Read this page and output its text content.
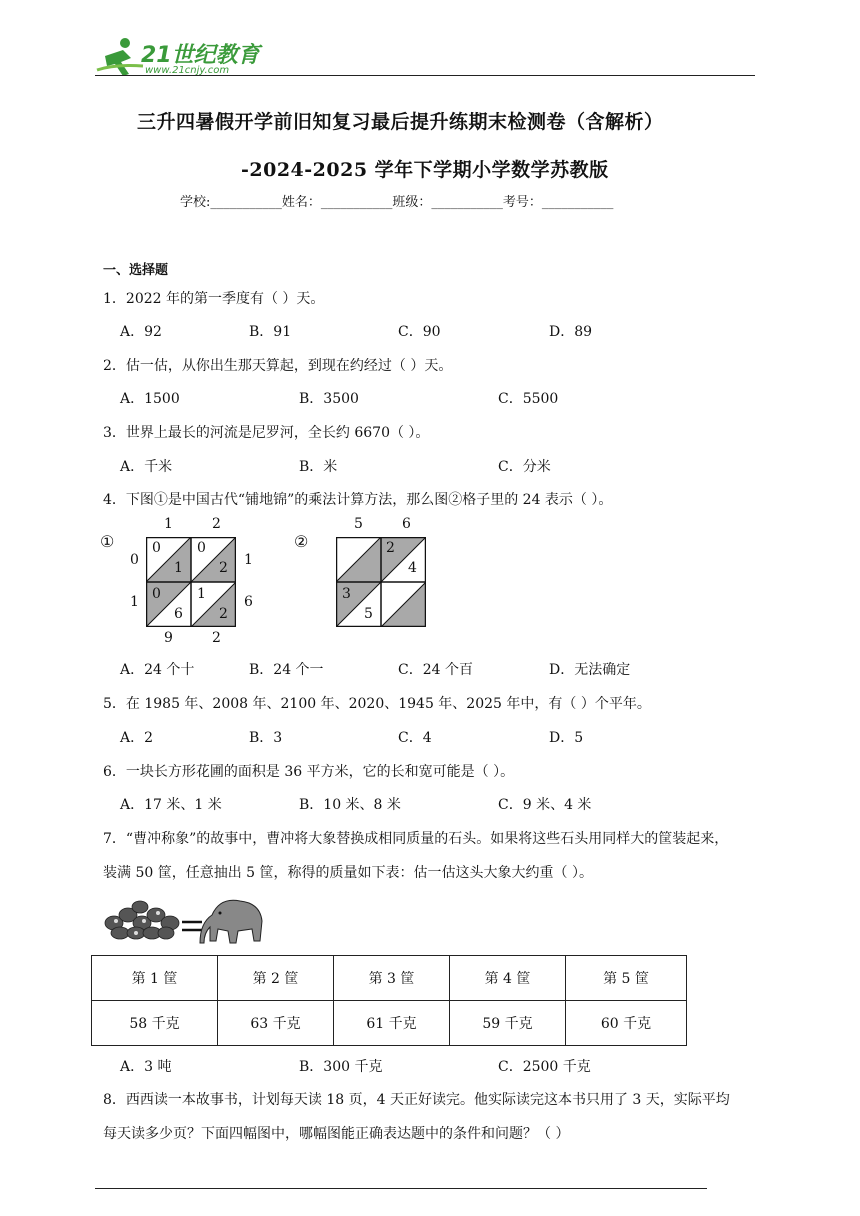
21世纪教育
www.21cnjy.com
三升四暑假开学前旧知复习最后提升练期末检测卷（含解析）
-2024-2025 学年下学期小学数学苏教版
学校:___________姓名：___________班级：___________考号：___________
一、选择题
1．2022 年的第一季度有（ ）天。
A．92	B．91	C．90	D．89
2．估一估，从你出生那天算起，到现在约经过（ ）天。
A．1500	B．3500	C．5500
3．世界上最长的河流是尼罗河，全长约 6670（ ）。
A．千米	B．米	C．分米
4．下图①是中国古代“铺地锦”的乘法计算方法，那么图②格子里的 24 表示（ ）。
①
1	2
0
1
1
6
9	2
0
1
0
2
0
6
1
2
②
5	6
2
4
3
5
A．24 个十	B．24 个一	C．24 个百	D．无法确定
5．在 1985 年、2008 年、2100 年、2020、1945 年、2025 年中，有（ ）个平年。
A．2	B．3	C．4	D．5
6．一块长方形花圃的面积是 36 平方米，它的长和宽可能是（ ）。
A．17 米、1 米	B．10 米、8 米	C．9 米、4 米
7．“曹冲称象”的故事中，曹冲将大象替换成相同质量的石头。如果将这些石头用同样大的筐装起来，
装满 50 筐，任意抽出 5 筐，称得的质量如下表：估一估这头大象大约重（ ）。
第 1 筐	第 2 筐	第 3 筐	第 4 筐	第 5 筐
58 千克	63 千克	61 千克	59 千克	60 千克
A．3 吨	B．300 千克	C．2500 千克
8．西西读一本故事书，计划每天读 18 页，4 天正好读完。他实际读完这本书只用了 3 天，实际平均
每天读多少页？下面四幅图中，哪幅图能正确表达题中的条件和问题？（ ）
